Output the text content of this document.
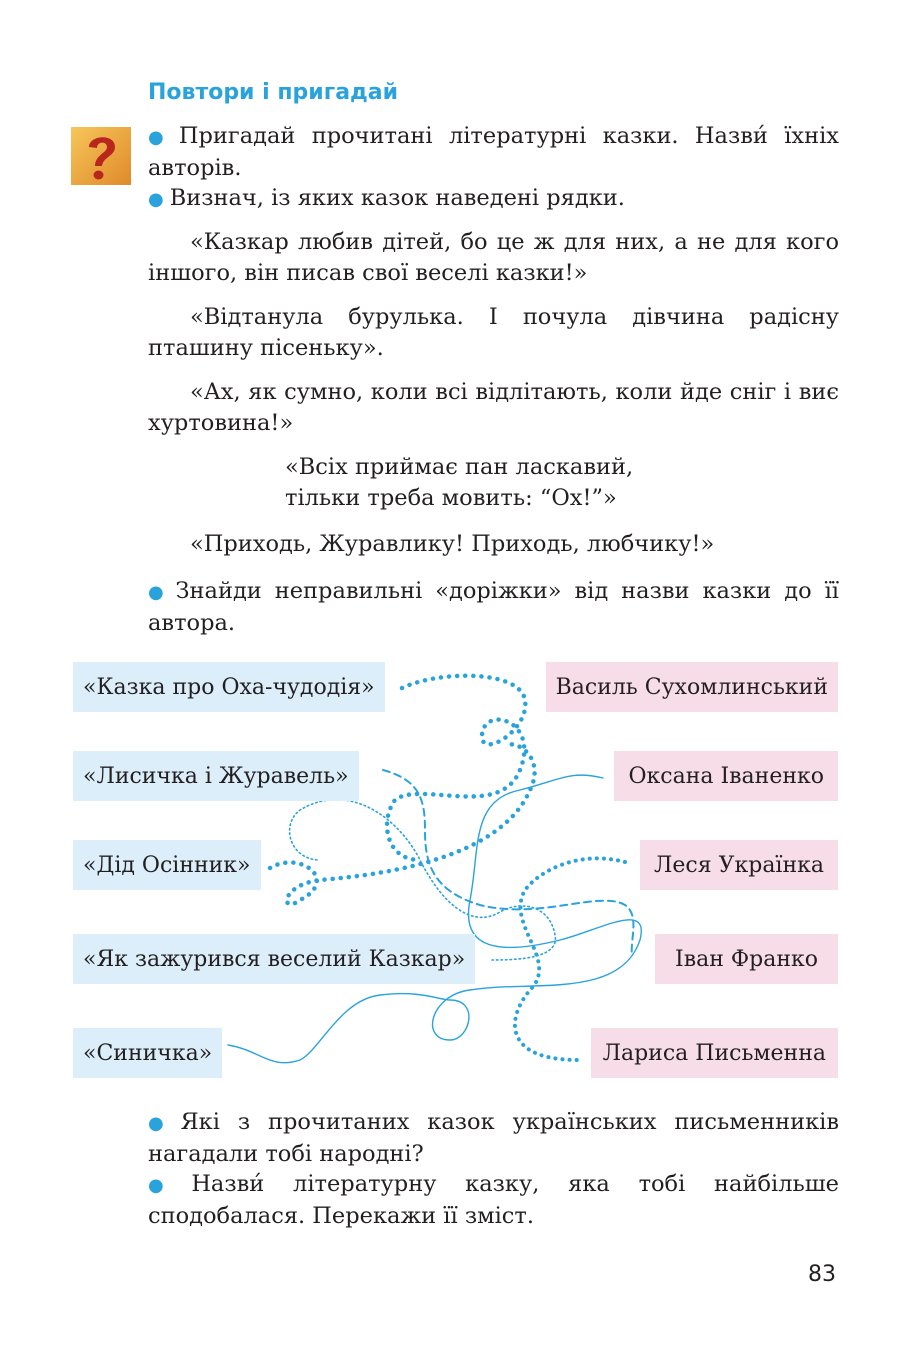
Повтори і пригадай

● Пригадай прочитані літературні казки. Назви́ їхніх авторів.

● Визнач, із яких казок наведені рядки.

«Казкар любив дітей, бо це ж для них, а не для кого іншого, він писав свої веселі казки!»

«Відтанула бурулька. І почула дівчина радісну пташину пісеньку».

«Ах, як сумно, коли всі відлітають, коли йде сніг і виє хуртовина!»

«Всіх приймає пан ласкавий,
тільки треба мовить: “Ох!”»

«Приходь, Журавлику! Приходь, любчику!»

● Знайди неправильні «доріжки» від назви казки до її автора.

«Казка про Оха-чудодія»
«Лисичка і Журавель»
«Дід Осінник»
«Як зажурився веселий Казкар»
«Синичка»
Василь Сухомлинський
Оксана Іваненко
Леся Українка
Іван Франко
Лариса Письменна

● Які з прочитаних казок українських письменників нагадали тобі народні?

● Назви́ літературну казку, яка тобі найбільше сподобалася. Перекажи її зміст.

83
